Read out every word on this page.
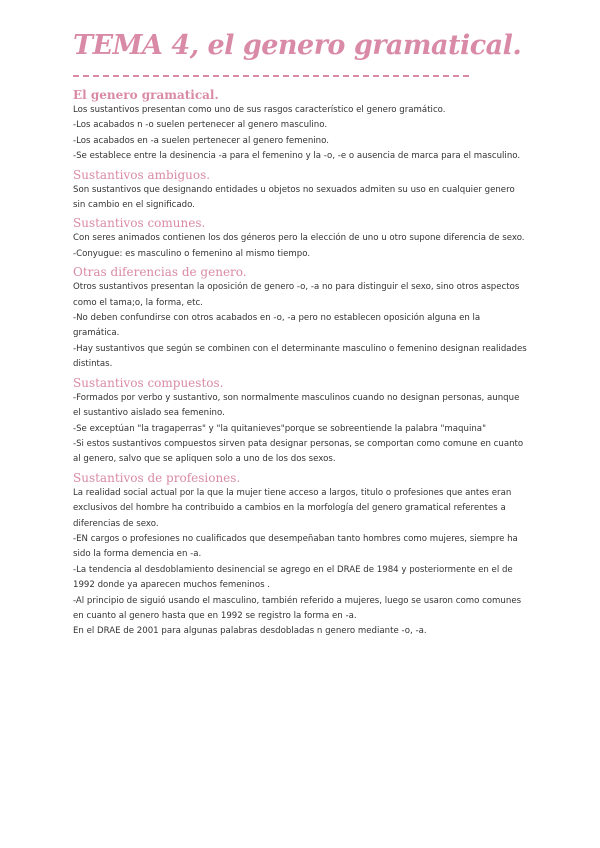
TEMA 4, el genero gramatical.
El genero gramatical.

Los sustantivos presentan como uno de sus rasgos característico el genero gramático.

-Los acabados n -o suelen pertenecer al genero masculino.

-Los acabados en -a suelen pertenecer al genero femenino.

-Se establece entre la desinencia -a para el femenino y la -o, -e o ausencia de marca para el masculino.

Sustantivos ambiguos.

Son sustantivos que designando entidades u objetos no sexuados admiten su uso en cualquier genero sin cambio en el significado.

Sustantivos comunes.

Con seres animados contienen los dos géneros pero la elección de uno u otro supone diferencia de sexo.

-Conyugue: es masculino o femenino al mismo tiempo.

Otras diferencias de genero.

Otros sustantivos presentan la oposición de genero -o, -a no para distinguir el sexo, sino otros aspectos como el tama;o, la forma, etc.

-No deben confundirse con otros acabados en -o, -a pero no establecen oposición alguna en la gramática.

-Hay sustantivos que según se combinen con el determinante masculino o femenino designan realidades distintas.

Sustantivos compuestos.

-Formados por verbo y sustantivo, son normalmente masculinos cuando no designan personas, aunque el sustantivo aislado sea femenino.

-Se exceptúan "la tragaperras" y "la quitanieves"porque se sobreentiende la palabra "maquina"

-Si estos sustantivos compuestos sirven pata designar personas, se comportan como comune en cuanto al genero, salvo que se apliquen solo a uno de los dos sexos.

Sustantivos de profesiones.

La realidad social actual por la que la mujer tiene acceso a largos, titulo o profesiones que antes eran exclusivos del hombre ha contribuido a cambios en la morfología del genero gramatical referentes a diferencias de sexo.

-EN cargos o profesiones no cualificados que desempeñaban tanto hombres como mujeres, siempre ha sido la forma demencia en -a.

-La tendencia al desdoblamiento desinencial se agrego en el DRAE de 1984 y posteriormente en el de 1992 donde ya aparecen muchos femeninos .

-Al principio de siguió usando el masculino, también referido a mujeres, luego se usaron como comunes en cuanto al genero hasta que en 1992 se registro la forma en -a.

En el DRAE de 2001 para algunas palabras desdobladas n genero mediante -o, -a.
